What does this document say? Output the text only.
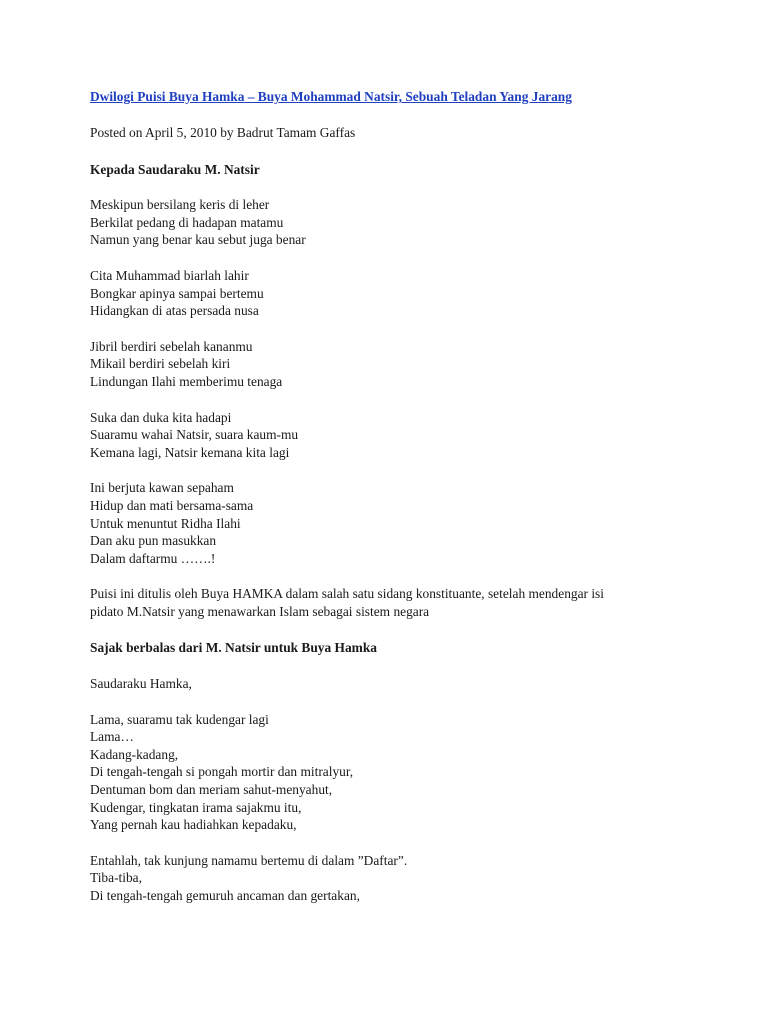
Dwilogi Puisi Buya Hamka – Buya Mohammad Natsir, Sebuah Teladan Yang Jarang
Posted on April 5, 2010 by Badrut Tamam Gaffas
Kepada Saudaraku M. Natsir
Meskipun bersilang keris di leher
Berkilat pedang di hadapan matamu
Namun yang benar kau sebut juga benar
Cita Muhammad biarlah lahir
Bongkar apinya sampai bertemu
Hidangkan di atas persada nusa
Jibril berdiri sebelah kananmu
Mikail berdiri sebelah kiri
Lindungan Ilahi memberimu tenaga
Suka dan duka kita hadapi
Suaramu wahai Natsir, suara kaum-mu
Kemana lagi, Natsir kemana kita lagi
Ini berjuta kawan sepaham
Hidup dan mati bersama-sama
Untuk menuntut Ridha Ilahi
Dan aku pun masukkan
Dalam daftarmu …….!
Puisi ini ditulis oleh Buya HAMKA dalam salah satu sidang konstituante, setelah mendengar isi
pidato M.Natsir yang menawarkan Islam sebagai sistem negara
Sajak berbalas dari M. Natsir untuk Buya Hamka
Saudaraku Hamka,
Lama, suaramu tak kudengar lagi
Lama…
Kadang-kadang,
Di tengah-tengah si pongah mortir dan mitralyur,
Dentuman bom dan meriam sahut-menyahut,
Kudengar, tingkatan irama sajakmu itu,
Yang pernah kau hadiahkan kepadaku,
Entahlah, tak kunjung namamu bertemu di dalam ”Daftar”.
Tiba-tiba,
Di tengah-tengah gemuruh ancaman dan gertakan,
